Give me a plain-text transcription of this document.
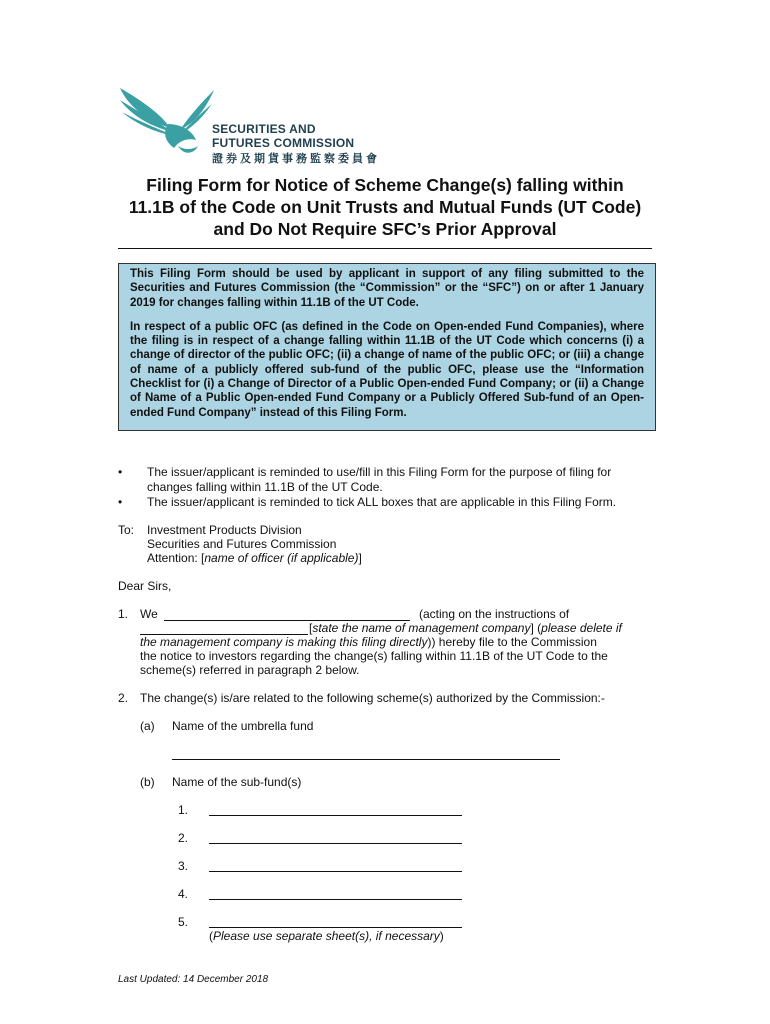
SECURITIES AND
FUTURES COMMISSION
證券及期貨事務監察委員會
Filing Form for Notice of Scheme Change(s) falling within
11.1B of the Code on Unit Trusts and Mutual Funds (UT Code)
and Do Not Require SFC’s Prior Approval

This Filing Form should be used by applicant in support of any filing submitted to the Securities and Futures Commission (the “Commission” or the “SFC”) on or after 1 January 2019 for changes falling within 11.1B of the UT Code.

In respect of a public OFC (as defined in the Code on Open-ended Fund Companies), where the filing is in respect of a change falling within 11.1B of the UT Code which concerns (i) a change of director of the public OFC; (ii) a change of name of the public OFC; or (iii) a change of name of a publicly offered sub-fund of the public OFC, please use the “Information Checklist for (i) a Change of Director of a Public Open-ended Fund Company; or (ii) a Change of Name of a Public Open-ended Fund Company or a Publicly Offered Sub-fund of an Open-ended Fund Company” instead of this Filing Form.

• The issuer/applicant is reminded to use/fill in this Filing Form for the purpose of filing for
changes falling within 11.1B of the UT Code.
• The issuer/applicant is reminded to tick ALL boxes that are applicable in this Filing Form.
To: Investment Products Division
Securities and Futures Commission
Attention: [name of officer (if applicable)]
Dear Sirs,
1. We	(acting on the instructions of
[state the name of management company] (please delete if
the management company is making this filing directly)) hereby file to the Commission
the notice to investors regarding the change(s) falling within 11.1B of the UT Code to the
scheme(s) referred in paragraph 2 below.
2. The change(s) is/are related to the following scheme(s) authorized by the Commission:-
(a) Name of the umbrella fund
(b) Name of the sub-fund(s)
1.
2.
3.
4.
5.
(Please use separate sheet(s), if necessary)
Last Updated: 14 December 2018
